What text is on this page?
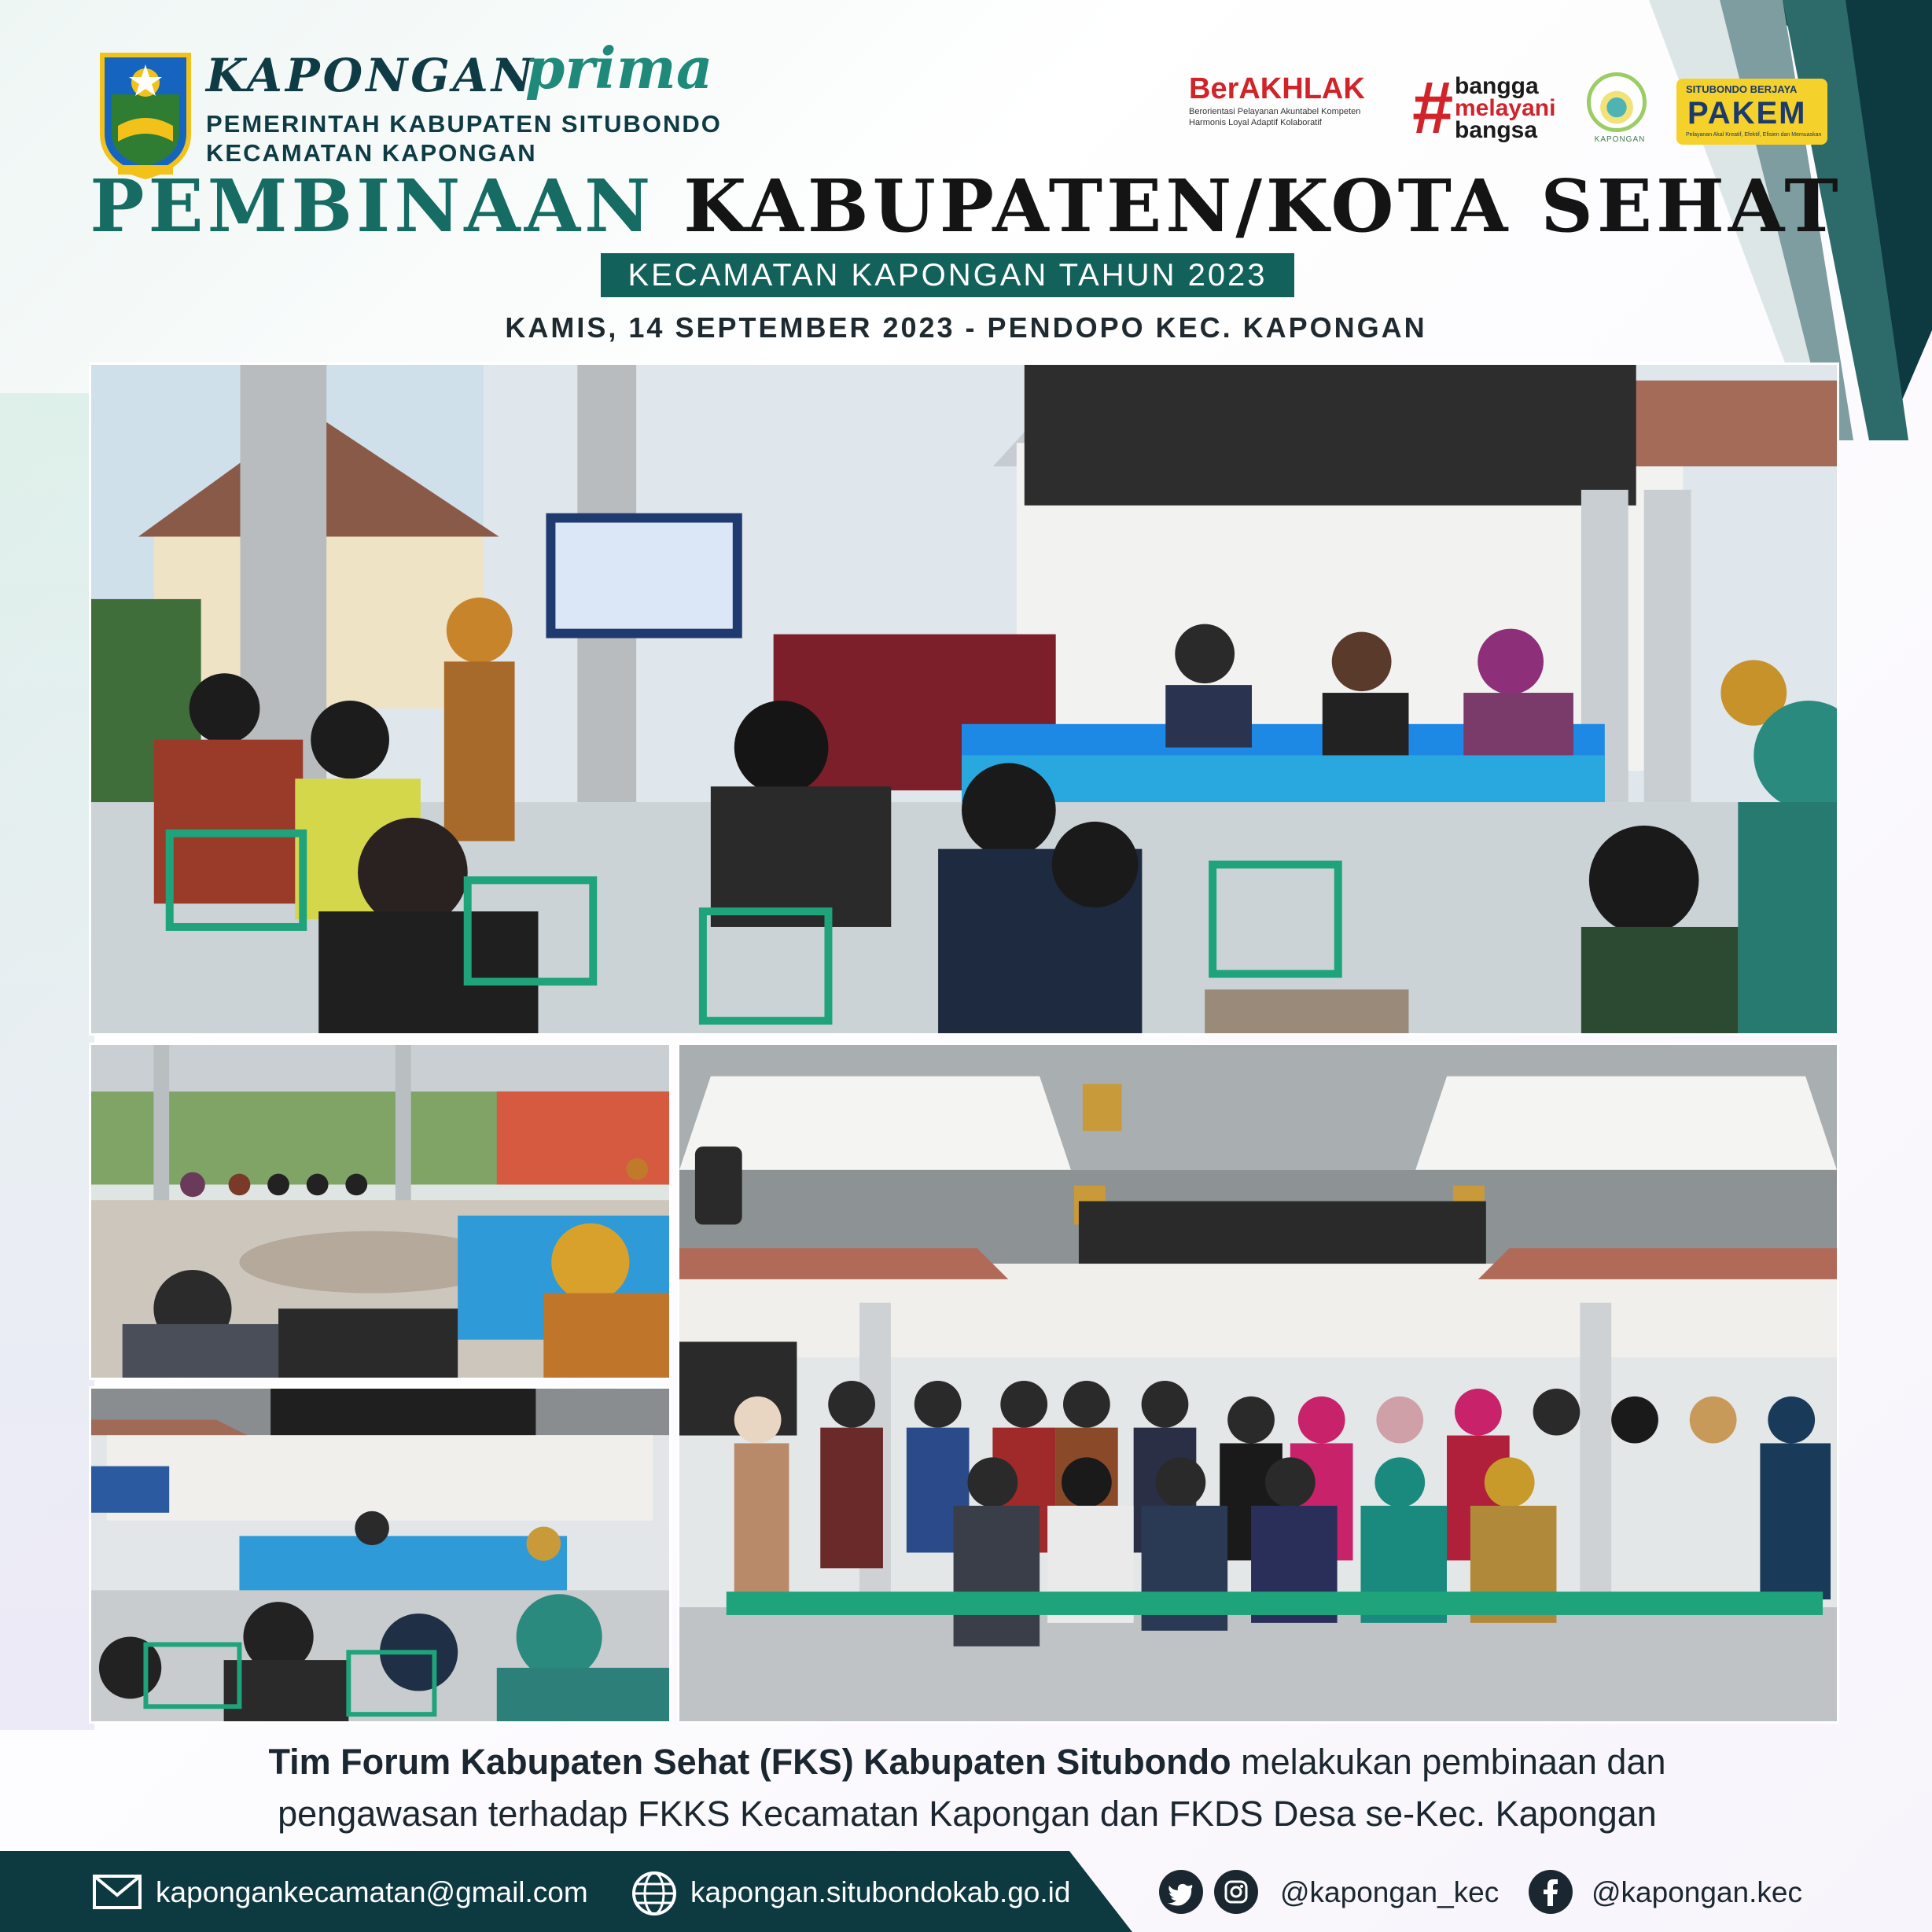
KAPONGAN
prima
PEMERINTAH KABUPATEN SITUBONDO
KECAMATAN KAPONGAN
BerAKHLAK
Berorientasi Pelayanan Akuntabel Kompeten
Harmonis Loyal Adaptif Kolaboratif	# bangga
melayani
bangsa	KAPONGAN
SITUBONDO BERJAYA
PAKEM
Pelayanan Akal Kreatif, Efektif, Efisien dan Memuaskan
PEMBINAAN KABUPATEN/KOTA SEHAT
KECAMATAN KAPONGAN TAHUN 2023
KAMIS, 14 SEPTEMBER 2023 - PENDOPO KEC. KAPONGAN
Tim Forum Kabupaten Sehat (FKS) Kabupaten Situbondo melakukan pembinaan dan
pengawasan terhadap FKKS Kecamatan Kapongan dan FKDS Desa se-Kec. Kapongan
kapongankecamatan@gmail.com	kapongan.situbondokab.go.id	@kapongan_kec	@kapongan.kec
